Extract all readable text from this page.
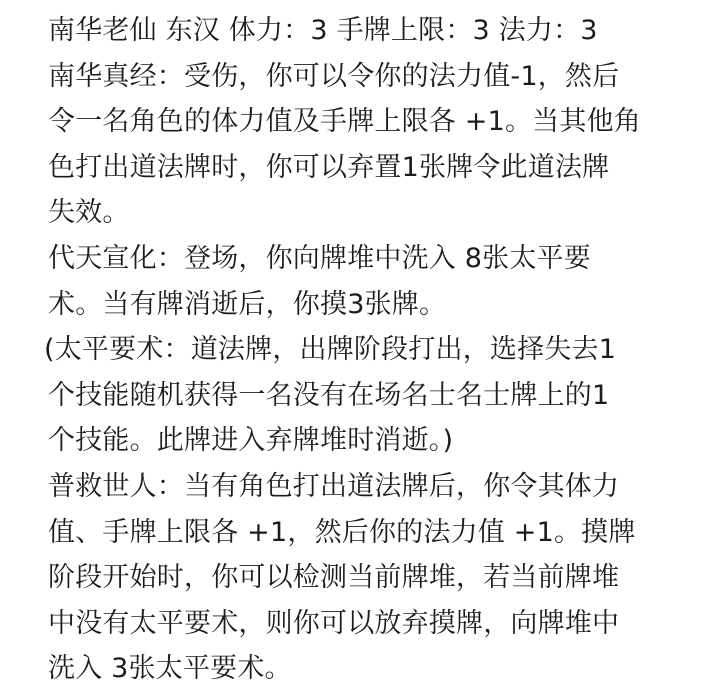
南华老仙 东汉 体力：3 手牌上限：3 法力：3
南华真经：受伤，你可以令你的法力值-1，然后
令一名角色的体力值及手牌上限各 +1。当其他角
色打出道法牌时，你可以弃置1张牌令此道法牌
失效。
代天宣化：登场，你向牌堆中洗入 8张太平要
术。当有牌消逝后，你摸3张牌。
(太平要术：道法牌，出牌阶段打出，选择失去1
个技能随机获得一名没有在场名士名士牌上的1
个技能。此牌进入弃牌堆时消逝。)
普救世人：当有角色打出道法牌后，你令其体力
值、手牌上限各 +1，然后你的法力值 +1。摸牌
阶段开始时，你可以检测当前牌堆，若当前牌堆
中没有太平要术，则你可以放弃摸牌，向牌堆中
洗入 3张太平要术。
